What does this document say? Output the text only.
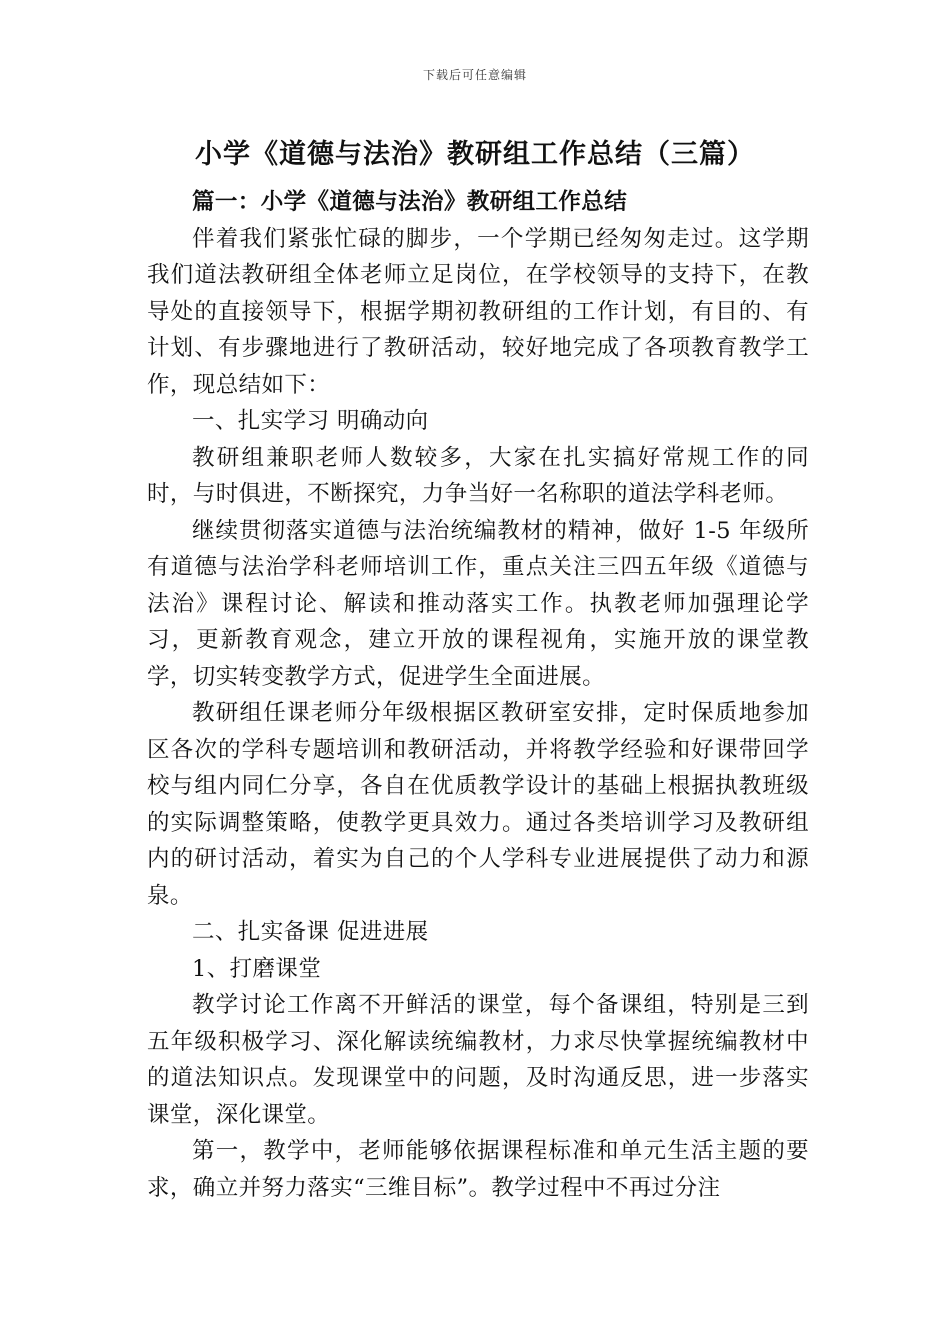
下载后可任意编辑
小学《道德与法治》教研组工作总结（三篇）

篇一：小学《道德与法治》教研组工作总结

伴着我们紧张忙碌的脚步，一个学期已经匆匆走过。这学期我们道法教研组全体老师立足岗位，在学校领导的支持下，在教导处的直接领导下，根据学期初教研组的工作计划，有目的、有计划、有步骤地进行了教研活动，较好地完成了各项教育教学工作，现总结如下：

一、扎实学习 明确动向

教研组兼职老师人数较多，大家在扎实搞好常规工作的同时，与时俱进，不断探究，力争当好一名称职的道法学科老师。

继续贯彻落实道德与法治统编教材的精神，做好 1-5 年级所有道德与法治学科老师培训工作，重点关注三四五年级《道德与法治》课程讨论、解读和推动落实工作。执教老师加强理论学习，更新教育观念，建立开放的课程视角，实施开放的课堂教学，切实转变教学方式，促进学生全面进展。

教研组任课老师分年级根据区教研室安排，定时保质地参加区各次的学科专题培训和教研活动，并将教学经验和好课带回学校与组内同仁分享，各自在优质教学设计的基础上根据执教班级的实际调整策略，使教学更具效力。通过各类培训学习及教研组内的研讨活动，着实为自己的个人学科专业进展提供了动力和源泉。

二、扎实备课 促进进展

1、打磨课堂

教学讨论工作离不开鲜活的课堂，每个备课组，特别是三到五年级积极学习、深化解读统编教材，力求尽快掌握统编教材中的道法知识点。发现课堂中的问题，及时沟通反思，进一步落实课堂，深化课堂。

第一，教学中，老师能够依据课程标准和单元生活主题的要求，确立并努力落实“三维目标”。教学过程中不再过分注
